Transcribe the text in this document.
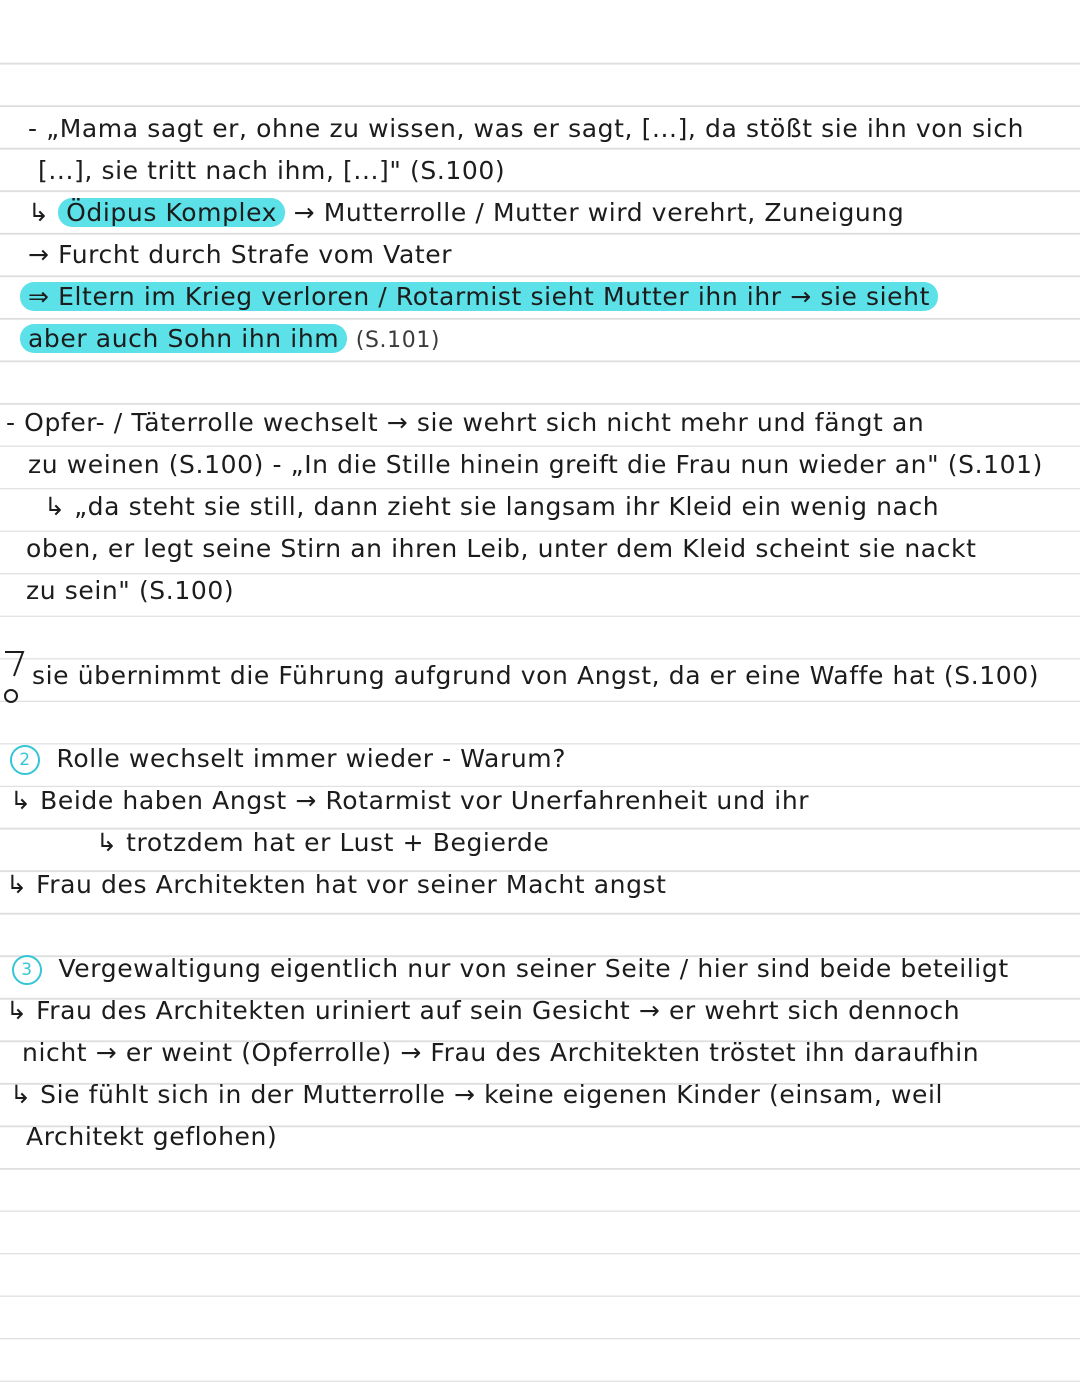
- „Mama sagt er, ohne zu wissen, was er sagt, [...], da stößt sie ihn von sich
[...], sie tritt nach ihm, [...]" (S.100)
↳ Ödipus Komplex → Mutterrolle / Mutter wird verehrt, Zuneigung
→ Furcht durch Strafe vom Vater
⇒ Eltern im Krieg verloren / Rotarmist sieht Mutter ihn ihr → sie sieht
aber auch Sohn ihn ihm (S.101)
- Opfer- / Täterrolle wechselt → sie wehrt sich nicht mehr und fängt an
zu weinen (S.100) - „In die Stille hinein greift die Frau nun wieder an" (S.101)
↳ „da steht sie still, dann zieht sie langsam ihr Kleid ein wenig nach
oben, er legt seine Stirn an ihren Leib, unter dem Kleid scheint sie nackt
zu sein" (S.100)
sie übernimmt die Führung aufgrund von Angst, da er eine Waffe hat (S.100)
2 Rolle wechselt immer wieder - Warum?
↳ Beide haben Angst → Rotarmist vor Unerfahrenheit und ihr
↳ trotzdem hat er Lust + Begierde
↳ Frau des Architekten hat vor seiner Macht angst
3 Vergewaltigung eigentlich nur von seiner Seite / hier sind beide beteiligt
↳ Frau des Architekten uriniert auf sein Gesicht → er wehrt sich dennoch
nicht → er weint (Opferrolle) → Frau des Architekten tröstet ihn daraufhin
↳ Sie fühlt sich in der Mutterrolle → keine eigenen Kinder (einsam, weil
Architekt geflohen)
